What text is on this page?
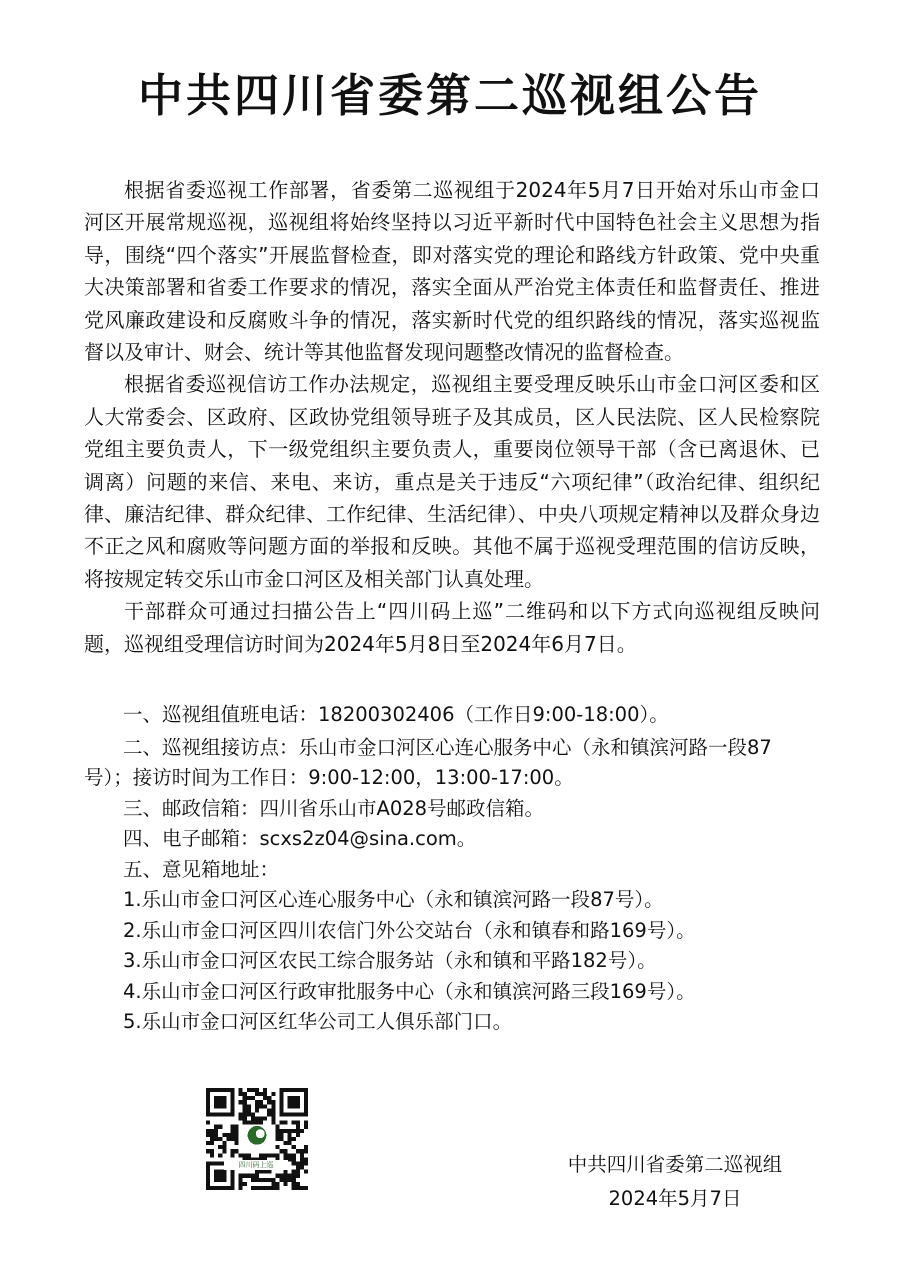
中共四川省委第二巡视组公告

根据省委巡视工作部署，省委第二巡视组于2024年5月7日开始对乐山市金口河区开展常规巡视，巡视组将始终坚持以习近平新时代中国特色社会主义思想为指导，围绕“四个落实”开展监督检查，即对落实党的理论和路线方针政策、党中央重大决策部署和省委工作要求的情况，落实全面从严治党主体责任和监督责任、推进党风廉政建设和反腐败斗争的情况，落实新时代党的组织路线的情况，落实巡视监督以及审计、财会、统计等其他监督发现问题整改情况的监督检查。

根据省委巡视信访工作办法规定，巡视组主要受理反映乐山市金口河区委和区人大常委会、区政府、区政协党组领导班子及其成员，区人民法院、区人民检察院党组主要负责人，下一级党组织主要负责人，重要岗位领导干部（含已离退休、已调离）问题的来信、来电、来访，重点是关于违反“六项纪律”（政治纪律、组织纪律、廉洁纪律、群众纪律、工作纪律、生活纪律）、中央八项规定精神以及群众身边不正之风和腐败等问题方面的举报和反映。其他不属于巡视受理范围的信访反映，将按规定转交乐山市金口河区及相关部门认真处理。

干部群众可通过扫描公告上“四川码上巡”二维码和以下方式向巡视组反映问题，巡视组受理信访时间为2024年5月8日至2024年6月7日。

一、巡视组值班电话：18200302406（工作日9:00-18:00）。
二、巡视组接访点：乐山市金口河区心连心服务中心（永和镇滨河路一段87号）；接访时间为工作日：9:00-12:00，13:00-17:00。
三、邮政信箱：四川省乐山市A028号邮政信箱。
四、电子邮箱：scxs2z04@sina.com。
五、意见箱地址：
1.乐山市金口河区心连心服务中心（永和镇滨河路一段87号）。
2.乐山市金口河区四川农信门外公交站台（永和镇春和路169号）。
3.乐山市金口河区农民工综合服务站（永和镇和平路182号）。
4.乐山市金口河区行政审批服务中心（永和镇滨河路三段169号）。
5.乐山市金口河区红华公司工人俱乐部门口。
四川码上巡	中共四川省委第二巡视组
2024年5月7日
